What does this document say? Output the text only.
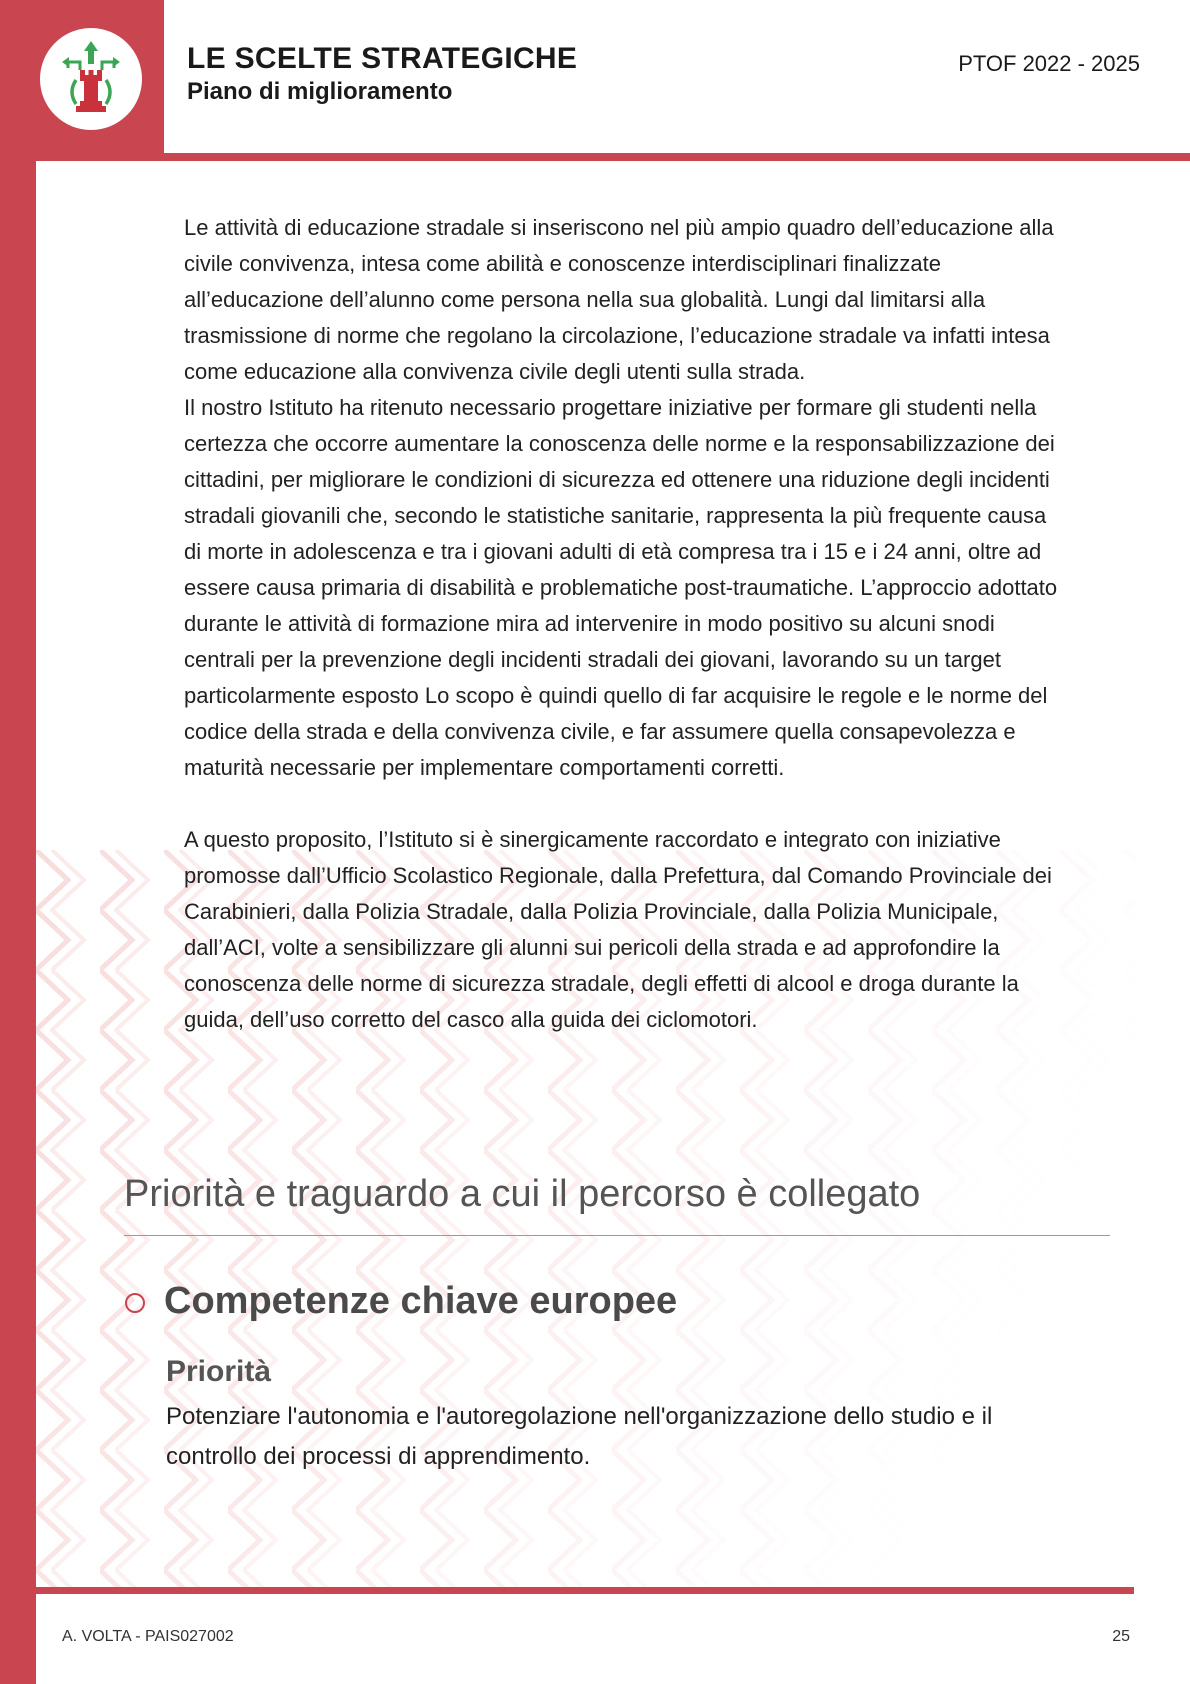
LE SCELTE STRATEGICHE
Piano di miglioramento

PTOF 2022 - 2025

Le attività di educazione stradale si inseriscono nel più ampio quadro dell’educazione alla civile convivenza, intesa come abilità e conoscenze interdisciplinari finalizzate all’educazione dell’alunno come persona nella sua globalità. Lungi dal limitarsi alla trasmissione di norme che regolano la circolazione, l’educazione stradale va infatti intesa come educazione alla convivenza civile degli utenti sulla strada.

Il nostro Istituto ha ritenuto necessario progettare iniziative per formare gli studenti nella certezza che occorre aumentare la conoscenza delle norme e la responsabilizzazione dei cittadini, per migliorare le condizioni di sicurezza ed ottenere una riduzione degli incidenti stradali giovanili che, secondo le statistiche sanitarie, rappresenta la più frequente causa di morte in adolescenza e tra i giovani adulti di età compresa tra i 15 e i 24 anni, oltre ad essere causa primaria di disabilità e problematiche post-traumatiche. L’approccio adottato durante le attività di formazione mira ad intervenire in modo positivo su alcuni snodi centrali per la prevenzione degli incidenti stradali dei giovani, lavorando su un target particolarmente esposto Lo scopo è quindi quello di far acquisire le regole e le norme del codice della strada e della convivenza civile, e far assumere quella consapevolezza e maturità necessarie per implementare comportamenti corretti.

A questo proposito, l’Istituto si è sinergicamente raccordato e integrato con iniziative promosse dall’Ufficio Scolastico Regionale, dalla Prefettura, dal Comando Provinciale dei Carabinieri, dalla Polizia Stradale, dalla Polizia Provinciale, dalla Polizia Municipale, dall’ACI, volte a sensibilizzare gli alunni sui pericoli della strada e ad approfondire la conoscenza delle norme di sicurezza stradale, degli effetti di alcool e droga durante la guida, dell’uso corretto del casco alla guida dei ciclomotori.

Priorità e traguardo a cui il percorso è collegato
Competenze chiave europee
Priorità

Potenziare l'autonomia e l'autoregolazione nell'organizzazione dello studio e il controllo dei processi di apprendimento.

A. VOLTA - PAIS027002	25
